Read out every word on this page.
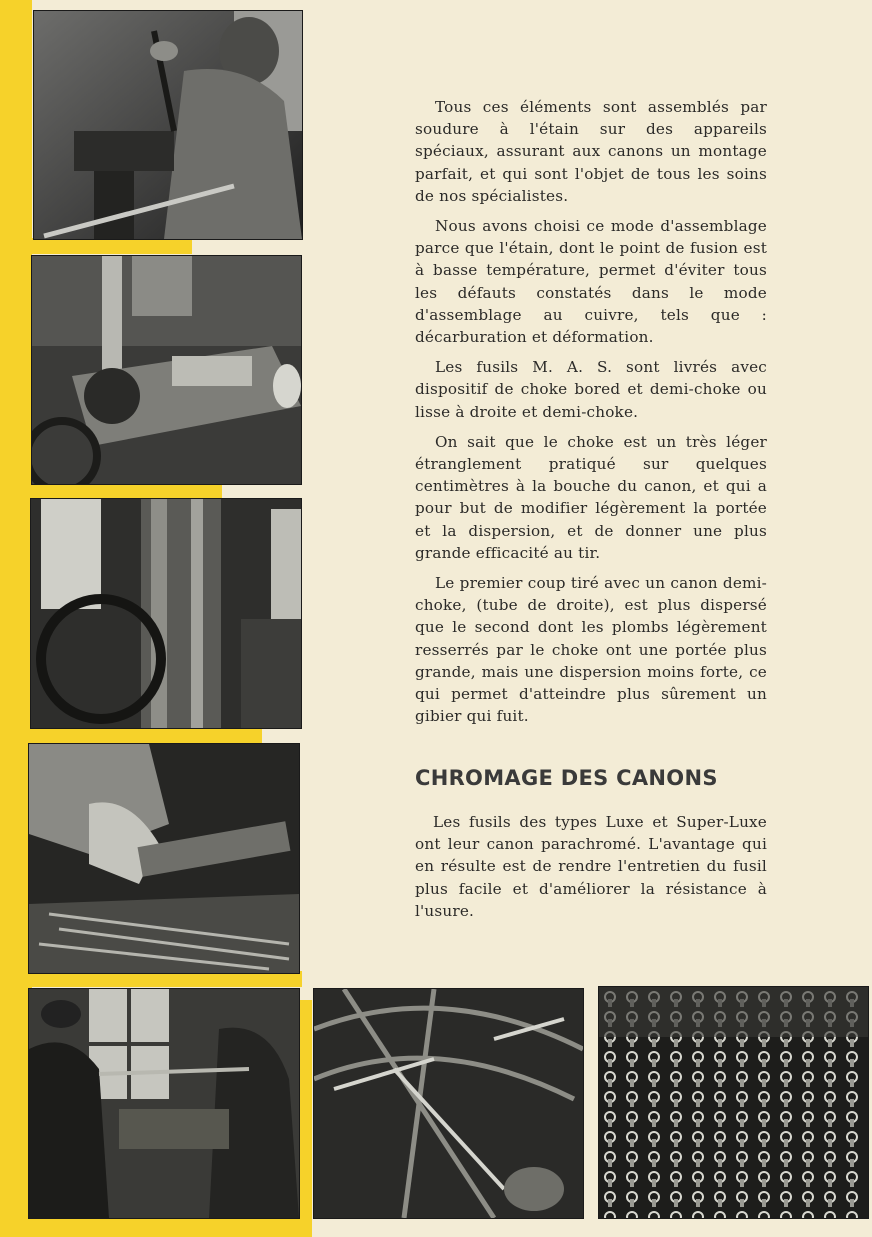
Tous ces éléments sont assemblés par soudure à l'étain sur des appareils spéciaux, assurant aux canons un montage parfait, et qui sont l'objet de tous les soins de nos spécialistes.

Nous avons choisi ce mode d'assemblage parce que l'étain, dont le point de fusion est à basse température, permet d'éviter tous les défauts constatés dans le mode d'assemblage au cuivre, tels que : décarburation et déformation.

Les fusils M. A. S. sont livrés avec dispositif de choke bored et demi-choke ou lisse à droite et demi-choke.

On sait que le choke est un très léger étranglement pratiqué sur quelques centimètres à la bouche du canon, et qui a pour but de modifier légèrement la portée et la dispersion, et de donner une plus grande efficacité au tir.

Le premier coup tiré avec un canon demi-choke, (tube de droite), est plus dispersé que le second dont les plombs légèrement resserrés par le choke ont une portée plus grande, mais une dispersion moins forte, ce qui permet d'atteindre plus sûrement un gibier qui fuit.

CHROMAGE DES CANONS

Les fusils des types Luxe et Super-Luxe ont leur canon parachromé. L'avantage qui en résulte est de rendre l'entretien du fusil plus facile et d'améliorer la résistance à l'usure.
